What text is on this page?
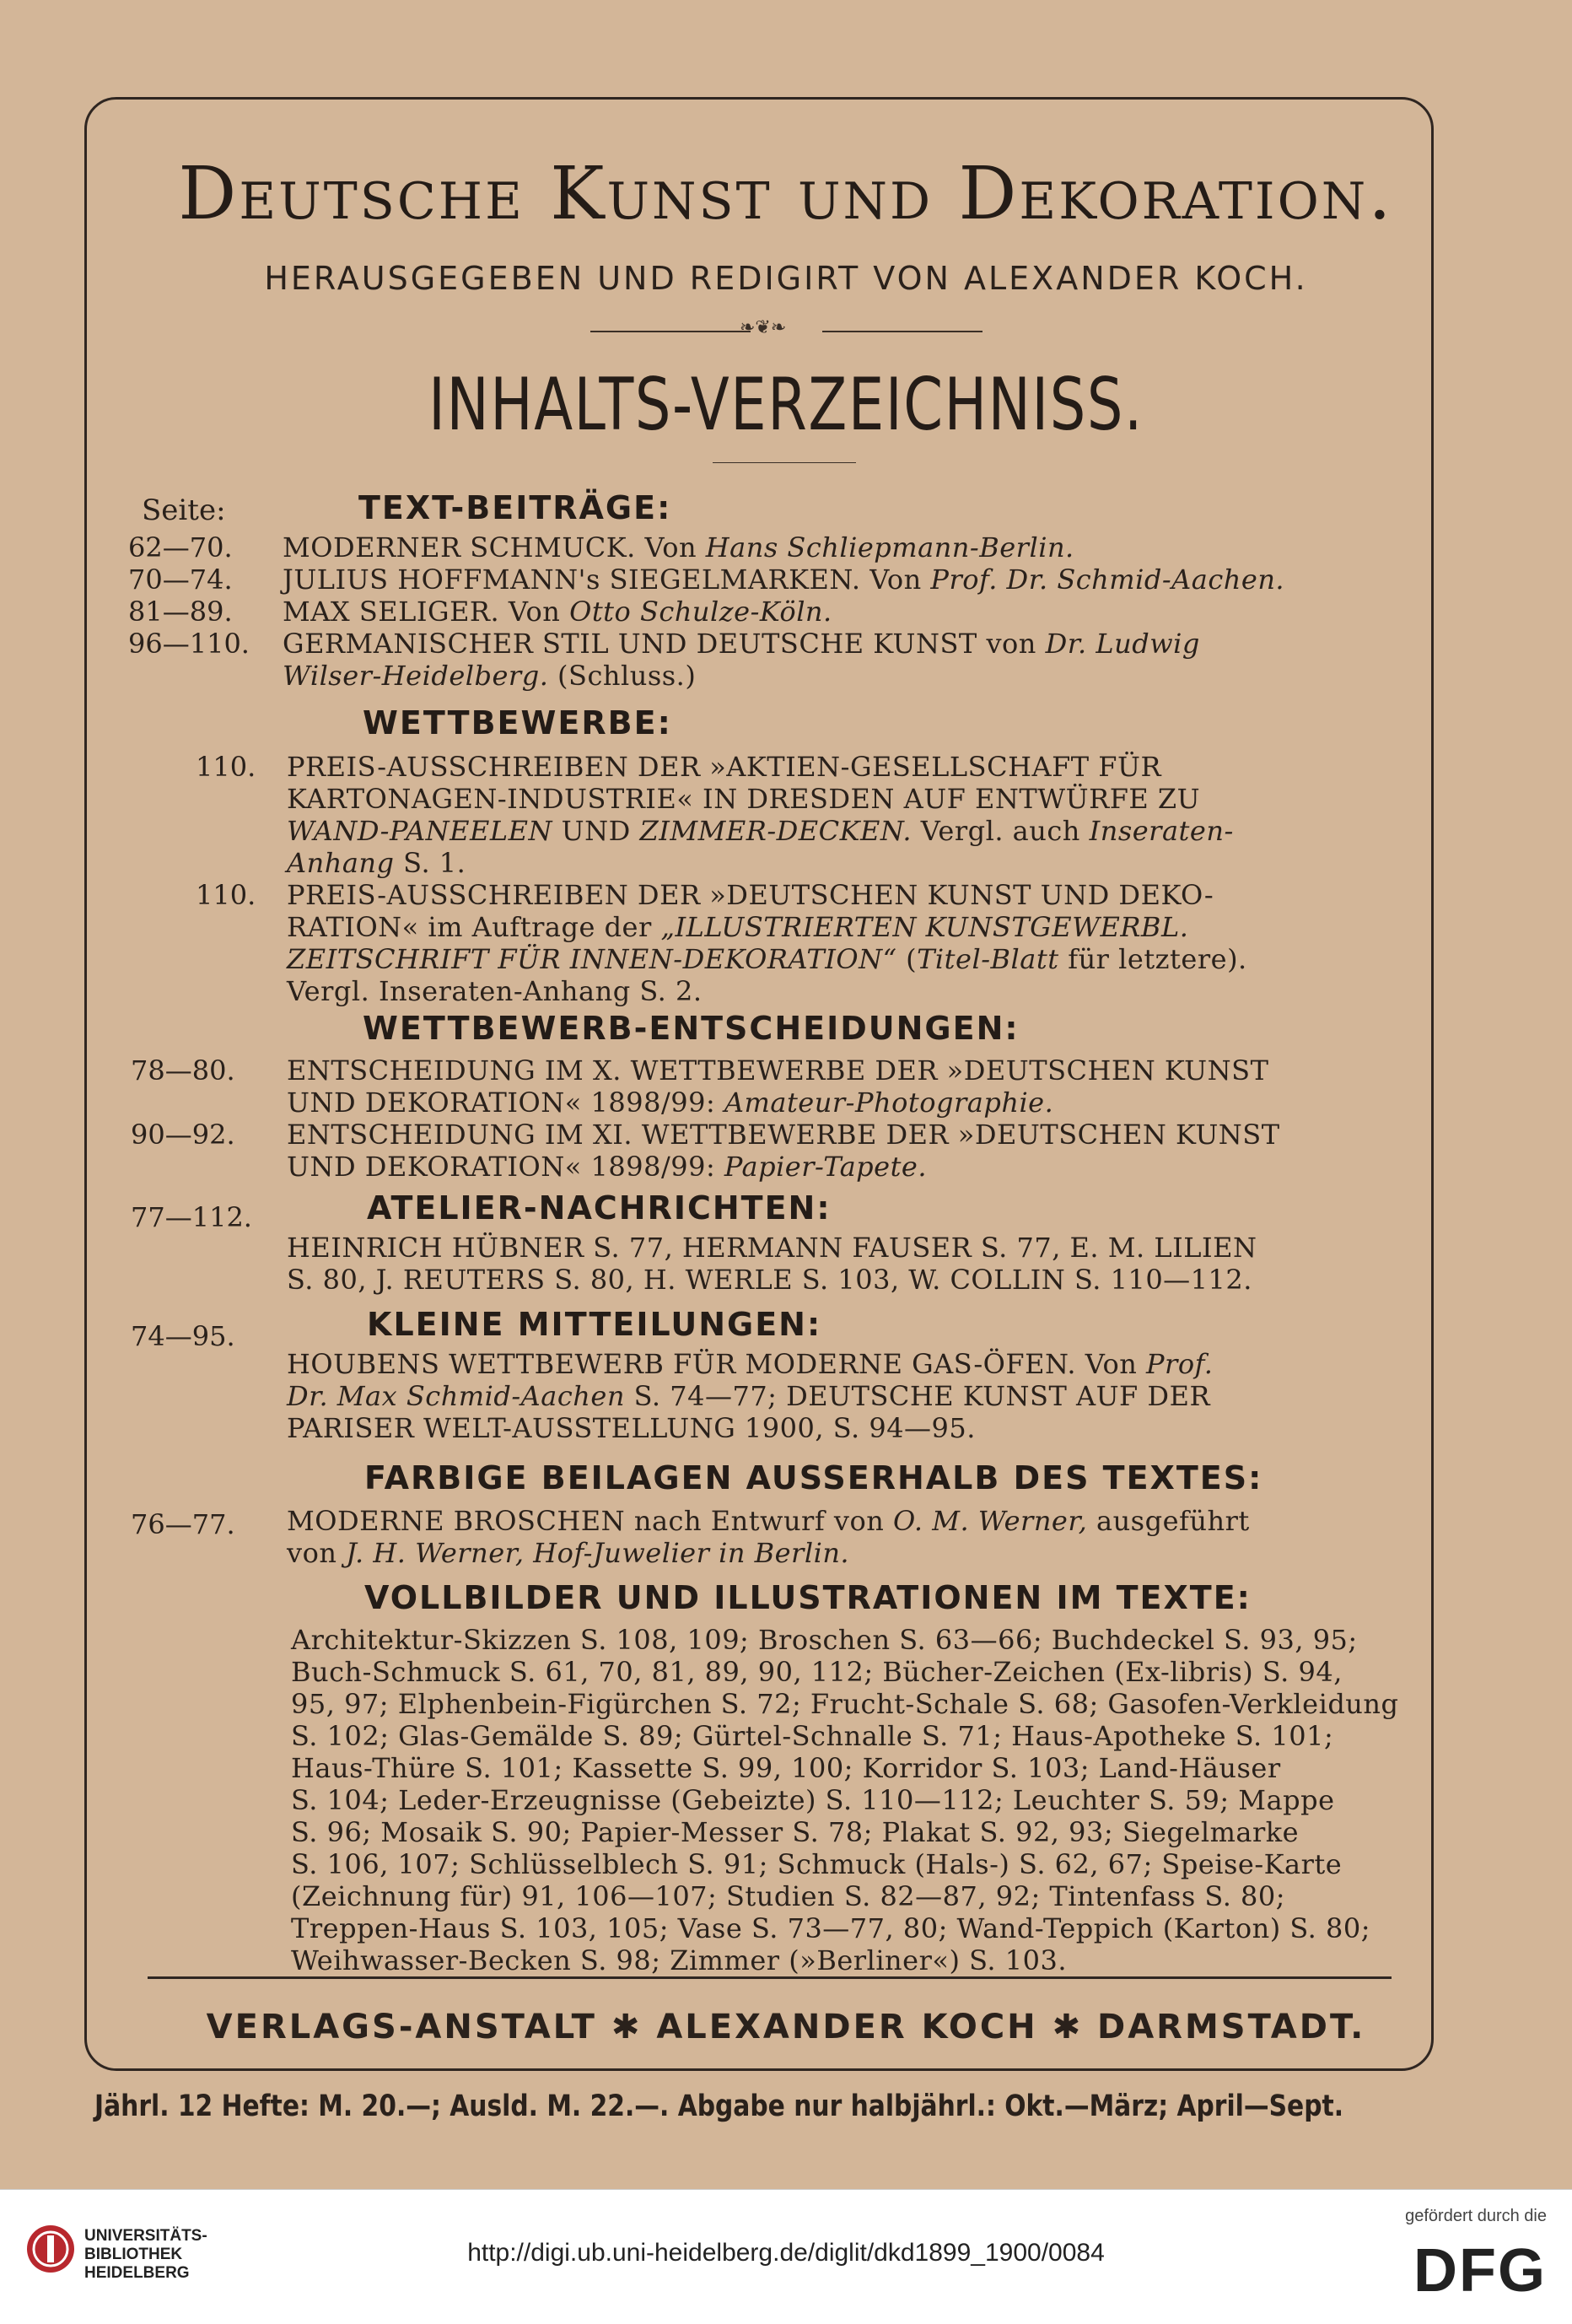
Deutsche Kunst und Dekoration.
HERAUSGEGEBEN UND REDIGIRT VON ALEXANDER KOCH.
❧❦❧
INHALTS-VERZEICHNISS.
Seite:	TEXT-BEITRÄGE:
62—70. MODERNER SCHMUCK. Von Hans Schliepmann-Berlin.
70—74. JULIUS HOFFMANN's SIEGELMARKEN. Von Prof. Dr. Schmid-Aachen.
81—89. MAX SELIGER. Von Otto Schulze-Köln.
96—110. GERMANISCHER STIL UND DEUTSCHE KUNST von Dr. Ludwig
Wilser-Heidelberg. (Schluss.)
WETTBEWERBE:
110. PREIS-AUSSCHREIBEN DER »AKTIEN-GESELLSCHAFT FÜR
KARTONAGEN-INDUSTRIE« IN DRESDEN AUF ENTWÜRFE ZU
WAND-PANEELEN UND ZIMMER-DECKEN. Vergl. auch Inseraten-
Anhang S. 1.
110. PREIS-AUSSCHREIBEN DER »DEUTSCHEN KUNST UND DEKO-
RATION« im Auftrage der „ILLUSTRIERTEN KUNSTGEWERBL.
ZEITSCHRIFT FÜR INNEN-DEKORATION“ (Titel-Blatt für letztere).
Vergl. Inseraten-Anhang S. 2.
WETTBEWERB-ENTSCHEIDUNGEN:
78—80. ENTSCHEIDUNG IM X. WETTBEWERBE DER »DEUTSCHEN KUNST
UND DEKORATION« 1898/99: Amateur-Photographie.
90—92. ENTSCHEIDUNG IM XI. WETTBEWERBE DER »DEUTSCHEN KUNST
UND DEKORATION« 1898/99: Papier-Tapete.
ATELIER-NACHRICHTEN:
77—112.
HEINRICH HÜBNER S. 77, HERMANN FAUSER S. 77, E. M. LILIEN
S. 80, J. REUTERS S. 80, H. WERLE S. 103, W. COLLIN S. 110—112.
KLEINE MITTEILUNGEN:
74—95.
HOUBENS WETTBEWERB FÜR MODERNE GAS-ÖFEN. Von Prof.
Dr. Max Schmid-Aachen S. 74—77; DEUTSCHE KUNST AUF DER
PARISER WELT-AUSSTELLUNG 1900, S. 94—95.
FARBIGE BEILAGEN AUSSERHALB DES TEXTES:
76—77. MODERNE BROSCHEN nach Entwurf von O. M. Werner, ausgeführt
von J. H. Werner, Hof-Juwelier in Berlin.
VOLLBILDER UND ILLUSTRATIONEN IM TEXTE:
Architektur-Skizzen S. 108, 109; Broschen S. 63—66; Buchdeckel S. 93, 95;
Buch-Schmuck S. 61, 70, 81, 89, 90, 112; Bücher-Zeichen (Ex-libris) S. 94,
95, 97; Elphenbein-Figürchen S. 72; Frucht-Schale S. 68; Gasofen-Verkleidung
S. 102; Glas-Gemälde S. 89; Gürtel-Schnalle S. 71; Haus-Apotheke S. 101;
Haus-Thüre S. 101; Kassette S. 99, 100; Korridor S. 103; Land-Häuser
S. 104; Leder-Erzeugnisse (Gebeizte) S. 110—112; Leuchter S. 59; Mappe
S. 96; Mosaik S. 90; Papier-Messer S. 78; Plakat S. 92, 93; Siegelmarke
S. 106, 107; Schlüsselblech S. 91; Schmuck (Hals-) S. 62, 67; Speise-Karte
(Zeichnung für) 91, 106—107; Studien S. 82—87, 92; Tintenfass S. 80;
Treppen-Haus S. 103, 105; Vase S. 73—77, 80; Wand-Teppich (Karton) S. 80;
Weihwasser-Becken S. 98; Zimmer (»Berliner«) S. 103.
VERLAGS-ANSTALT ✱ ALEXANDER KOCH ✱ DARMSTADT.
Jährl. 12 Hefte: M. 20.—; Ausld. M. 22.—. Abgabe nur halbjährl.: Okt.—März; April—Sept.
UNIVERSITÄTS-
BIBLIOTHEK
HEIDELBERG
http://digi.ub.uni-heidelberg.de/diglit/dkd1899_1900/0084
gefördert durch die
DFG
